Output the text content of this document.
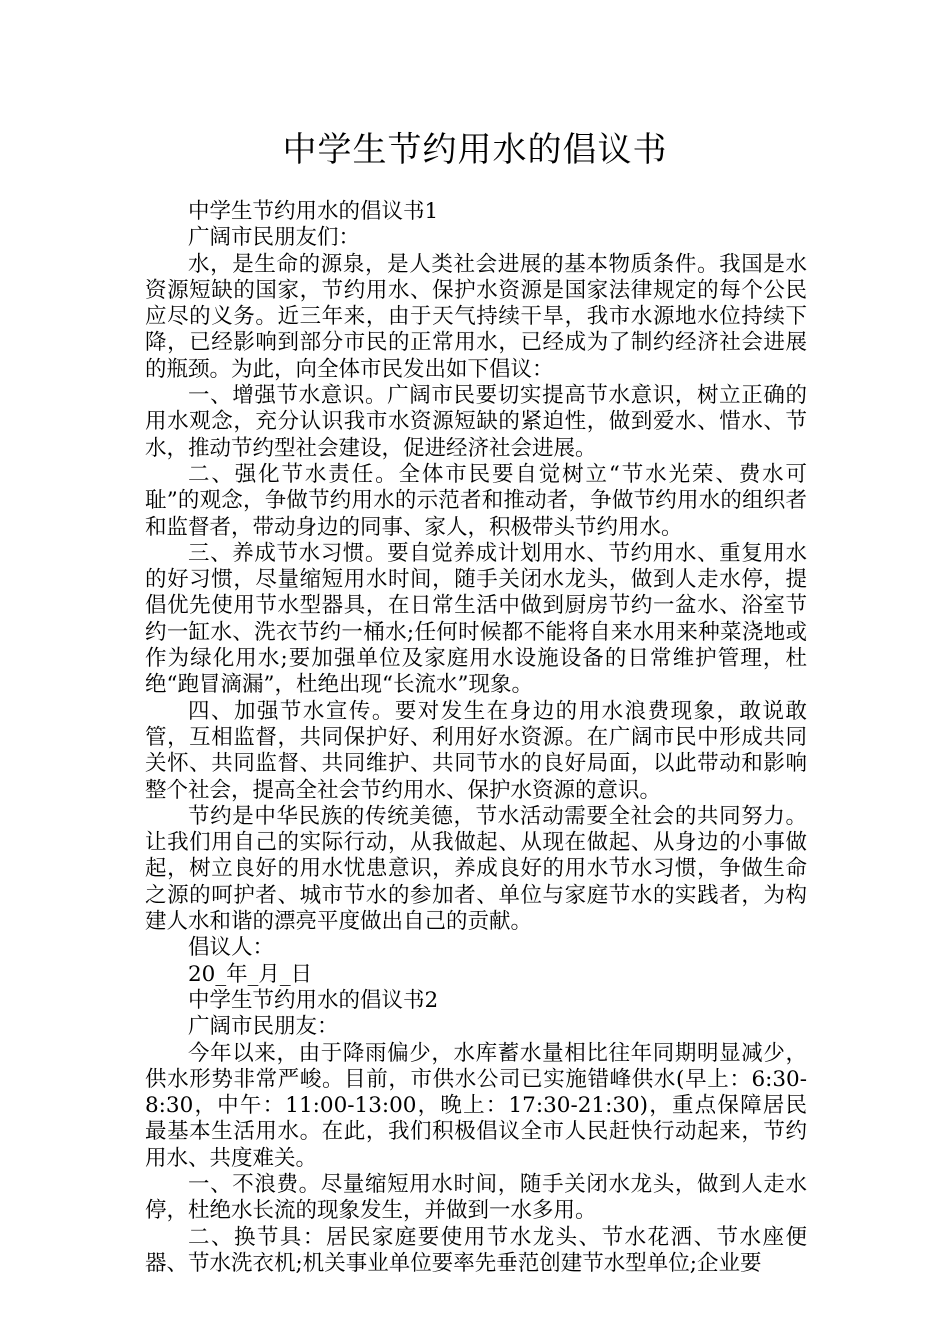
中学生节约用水的倡议书

中学生节约用水的倡议书1

广阔市民朋友们：

水，是生命的源泉，是人类社会进展的基本物质条件。我国是水资源短缺的国家，节约用水、保护水资源是国家法律规定的每个公民应尽的义务。近三年来，由于天气持续干旱，我市水源地水位持续下降，已经影响到部分市民的正常用水，已经成为了制约经济社会进展的瓶颈。为此，向全体市民发出如下倡议：

一、增强节水意识。广阔市民要切实提高节水意识，树立正确的用水观念，充分认识我市水资源短缺的紧迫性，做到爱水、惜水、节水，推动节约型社会建设，促进经济社会进展。

二、强化节水责任。全体市民要自觉树立“节水光荣、费水可耻”的观念，争做节约用水的示范者和推动者，争做节约用水的组织者和监督者，带动身边的同事、家人，积极带头节约用水。

三、养成节水习惯。要自觉养成计划用水、节约用水、重复用水的好习惯，尽量缩短用水时间，随手关闭水龙头，做到人走水停，提倡优先使用节水型器具，在日常生活中做到厨房节约一盆水、浴室节约一缸水、洗衣节约一桶水;任何时候都不能将自来水用来种菜浇地或作为绿化用水;要加强单位及家庭用水设施设备的日常维护管理，杜绝“跑冒滴漏”，杜绝出现“长流水”现象。

四、加强节水宣传。要对发生在身边的用水浪费现象，敢说敢管，互相监督，共同保护好、利用好水资源。在广阔市民中形成共同关怀、共同监督、共同维护、共同节水的良好局面，以此带动和影响整个社会，提高全社会节约用水、保护水资源的意识。

节约是中华民族的传统美德，节水活动需要全社会的共同努力。让我们用自己的实际行动，从我做起、从现在做起、从身边的小事做起，树立良好的用水忧患意识，养成良好的用水节水习惯，争做生命之源的呵护者、城市节水的参加者、单位与家庭节水的实践者，为构建人水和谐的漂亮平度做出自己的贡献。

倡议人：

20_年_月_日

中学生节约用水的倡议书2

广阔市民朋友：

今年以来，由于降雨偏少，水库蓄水量相比往年同期明显减少，供水形势非常严峻。目前，市供水公司已实施错峰供水(早上：6:30-8:30，中午：11:00-13:00，晚上：17:30-21:30)，重点保障居民最基本生活用水。在此，我们积极倡议全市人民赶快行动起来，节约用水、共度难关。

一、不浪费。尽量缩短用水时间，随手关闭水龙头，做到人走水停，杜绝水长流的现象发生，并做到一水多用。

二、换节具：居民家庭要使用节水龙头、节水花洒、节水座便器、节水洗衣机;机关事业单位要率先垂范创建节水型单位;企业要
